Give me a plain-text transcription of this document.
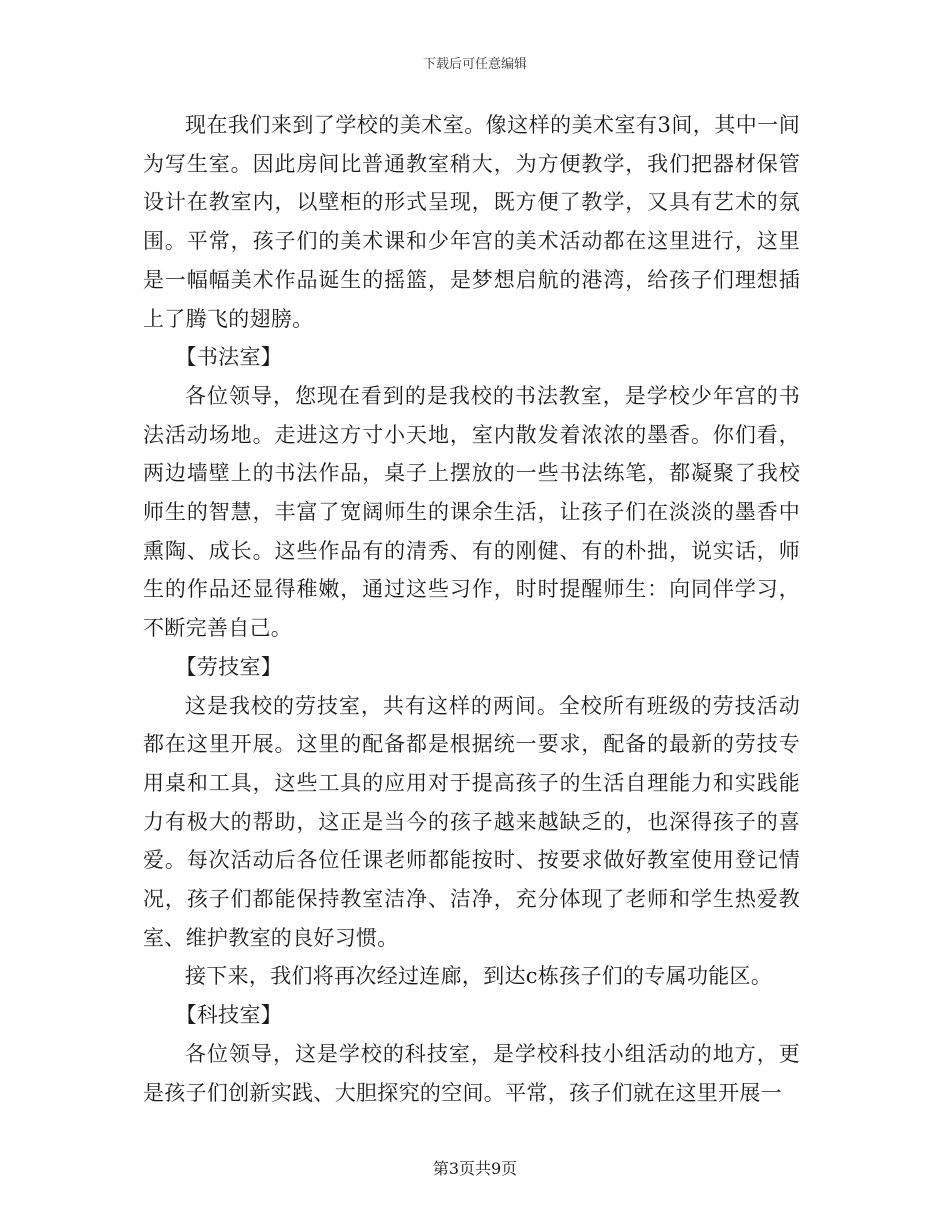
下载后可任意编辑

现在我们来到了学校的美术室。像这样的美术室有3间，其中一间为写生室。因此房间比普通教室稍大，为方便教学，我们把器材保管设计在教室内，以壁柜的形式呈现，既方便了教学，又具有艺术的氛围。平常，孩子们的美术课和少年宫的美术活动都在这里进行，这里是一幅幅美术作品诞生的摇篮，是梦想启航的港湾，给孩子们理想插上了腾飞的翅膀。

【书法室】

各位领导，您现在看到的是我校的书法教室，是学校少年宫的书法活动场地。走进这方寸小天地，室内散发着浓浓的墨香。你们看，两边墙壁上的书法作品，桌子上摆放的一些书法练笔，都凝聚了我校师生的智慧，丰富了宽阔师生的课余生活，让孩子们在淡淡的墨香中熏陶、成长。这些作品有的清秀、有的刚健、有的朴拙，说实话，师生的作品还显得稚嫩，通过这些习作，时时提醒师生：向同伴学习，不断完善自己。

【劳技室】

这是我校的劳技室，共有这样的两间。全校所有班级的劳技活动都在这里开展。这里的配备都是根据统一要求，配备的最新的劳技专用桌和工具，这些工具的应用对于提高孩子的生活自理能力和实践能力有极大的帮助，这正是当今的孩子越来越缺乏的，也深得孩子的喜爱。每次活动后各位任课老师都能按时、按要求做好教室使用登记情况，孩子们都能保持教室洁净、洁净，充分体现了老师和学生热爱教室、维护教室的良好习惯。

接下来，我们将再次经过连廊，到达c栋孩子们的专属功能区。

【科技室】

各位领导，这是学校的科技室，是学校科技小组活动的地方，更是孩子们创新实践、大胆探究的空间。平常，孩子们就在这里开展一

第3页共9页
